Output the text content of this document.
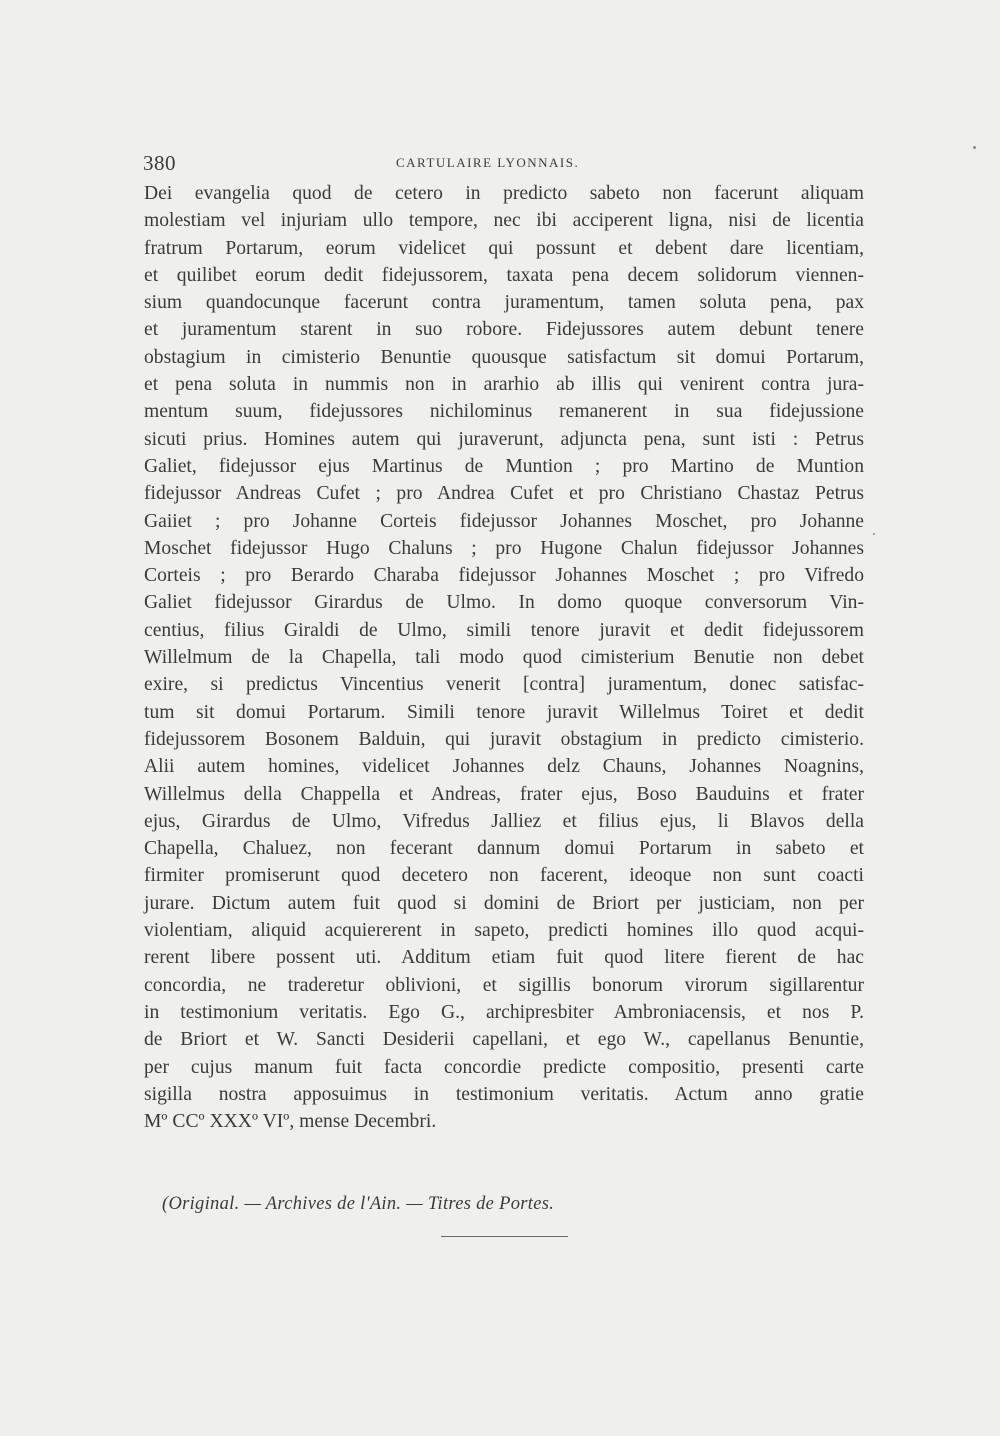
380	CARTULAIRE LYONNAIS.
Dei evangelia quod de cetero in predicto sabeto non facerunt aliquam
molestiam vel injuriam ullo tempore, nec ibi acciperent ligna, nisi de licentia
fratrum Portarum, eorum videlicet qui possunt et debent dare licentiam,
et quilibet eorum dedit fidejussorem, taxata pena decem solidorum viennen-
sium quandocunque facerunt contra juramentum, tamen soluta pena, pax
et juramentum starent in suo robore. Fidejussores autem debunt tenere
obstagium in cimisterio Benuntie quousque satisfactum sit domui Portarum,
et pena soluta in nummis non in ararhio ab illis qui venirent contra jura-
mentum suum, fidejussores nichilominus remanerent in sua fidejussione
sicuti prius. Homines autem qui juraverunt, adjuncta pena, sunt isti : Petrus
Galiet, fidejussor ejus Martinus de Muntion ; pro Martino de Muntion
fidejussor Andreas Cufet ; pro Andrea Cufet et pro Christiano Chastaz Petrus
Gaiiet ; pro Johanne Corteis fidejussor Johannes Moschet, pro Johanne
Moschet fidejussor Hugo Chaluns ; pro Hugone Chalun fidejussor Johannes
Corteis ; pro Berardo Charaba fidejussor Johannes Moschet ; pro Vifredo
Galiet fidejussor Girardus de Ulmo. In domo quoque conversorum Vin-
centius, filius Giraldi de Ulmo, simili tenore juravit et dedit fidejussorem
Willelmum de la Chapella, tali modo quod cimisterium Benutie non debet
exire, si predictus Vincentius venerit [contra] juramentum, donec satisfac-
tum sit domui Portarum. Simili tenore juravit Willelmus Toiret et dedit
fidejussorem Bosonem Balduin, qui juravit obstagium in predicto cimisterio.
Alii autem homines, videlicet Johannes delz Chauns, Johannes Noagnins,
Willelmus della Chappella et Andreas, frater ejus, Boso Bauduins et frater
ejus, Girardus de Ulmo, Vifredus Jalliez et filius ejus, li Blavos della
Chapella, Chaluez, non fecerant dannum domui Portarum in sabeto et
firmiter promiserunt quod decetero non facerent, ideoque non sunt coacti
jurare. Dictum autem fuit quod si domini de Briort per justiciam, non per
violentiam, aliquid acquiererent in sapeto, predicti homines illo quod acqui-
rerent libere possent uti. Additum etiam fuit quod litere fierent de hac
concordia, ne traderetur oblivioni, et sigillis bonorum virorum sigillarentur
in testimonium veritatis. Ego G., archipresbiter Ambroniacensis, et nos P.
de Briort et W. Sancti Desiderii capellani, et ego W., capellanus Benuntie,
per cujus manum fuit facta concordie predicte compositio, presenti carte
sigilla nostra apposuimus in testimonium veritatis. Actum anno gratie
Mº CCº XXXº VIº, mense Decembri.
(Original. — Archives de l'Ain. — Titres de Portes.
